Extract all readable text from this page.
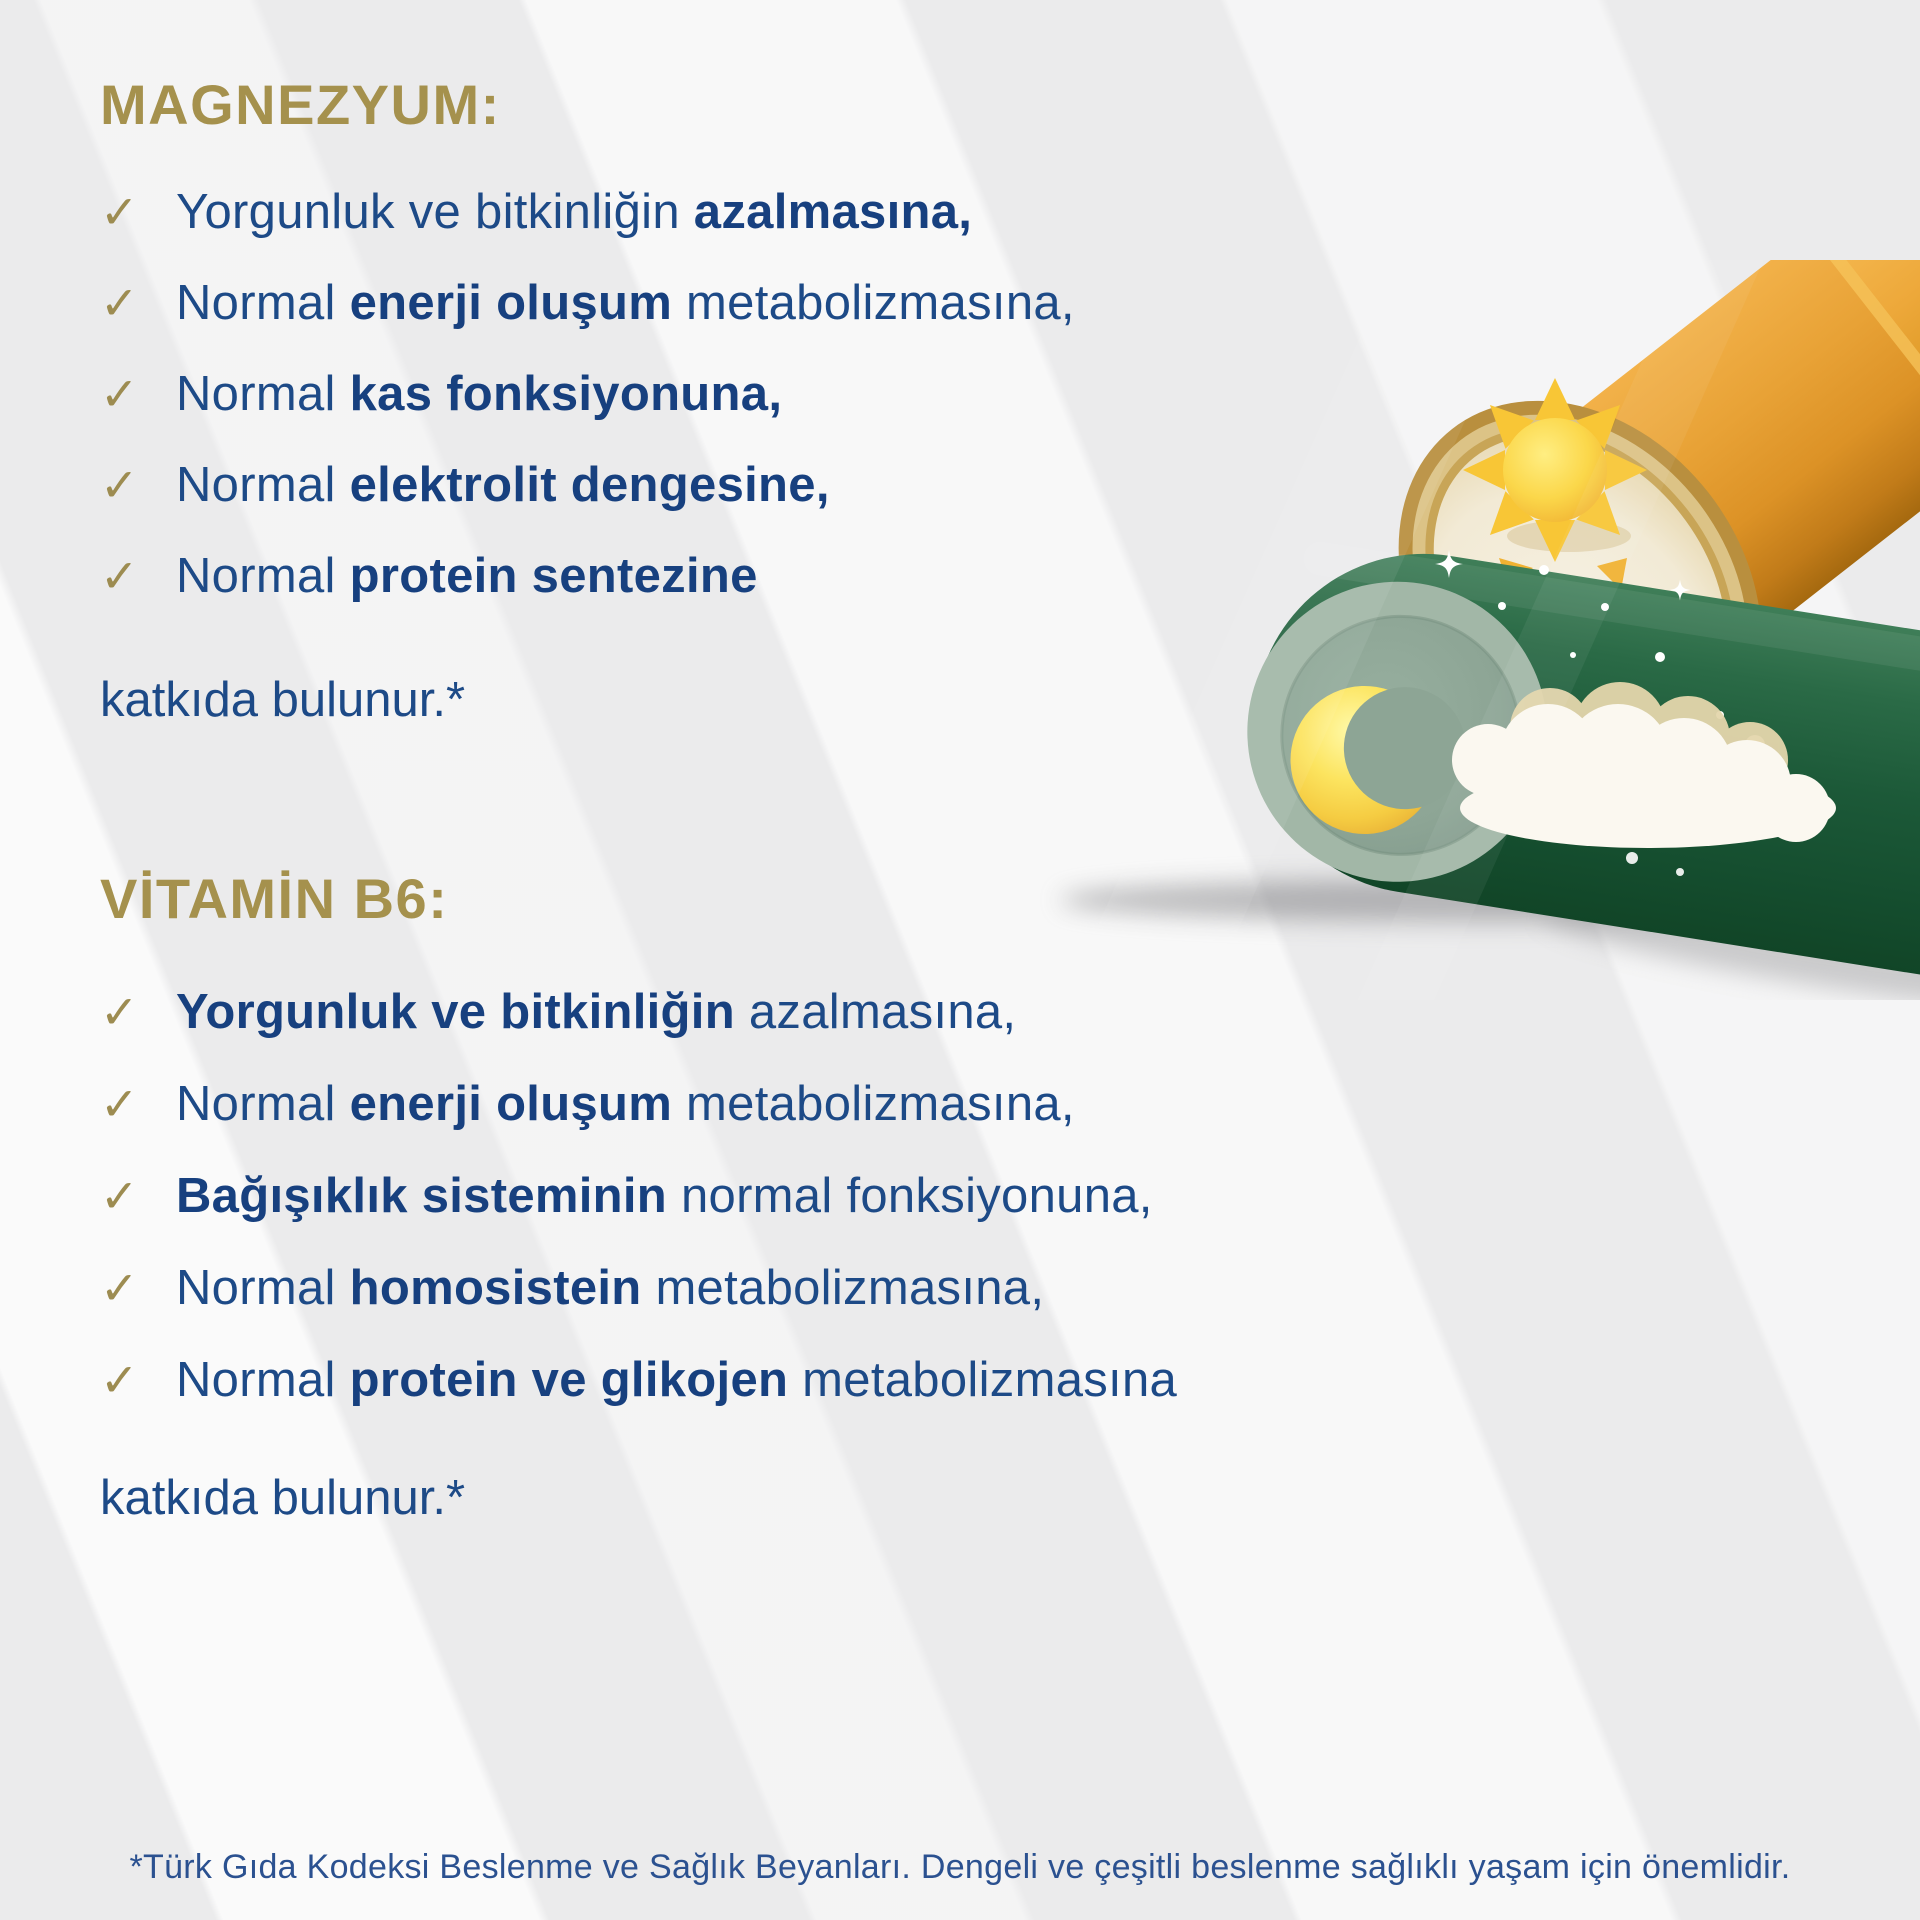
MAGNEZYUM:
✓ Yorgunluk ve bitkinliğin azalmasına,
✓ Normal enerji oluşum metabolizmasına,
✓ Normal kas fonksiyonuna,
✓ Normal elektrolit dengesine,
✓ Normal protein sentezine

katkıda bulunur.*

VİTAMİN B6:
✓ Yorgunluk ve bitkinliğin azalmasına,
✓ Normal enerji oluşum metabolizmasına,
✓ Bağışıklık sisteminin normal fonksiyonuna,
✓ Normal homosistein metabolizmasına,
✓ Normal protein ve glikojen metabolizmasına

katkıda bulunur.*

*Türk Gıda Kodeksi Beslenme ve Sağlık Beyanları. Dengeli ve çeşitli beslenme sağlıklı yaşam için önemlidir.
